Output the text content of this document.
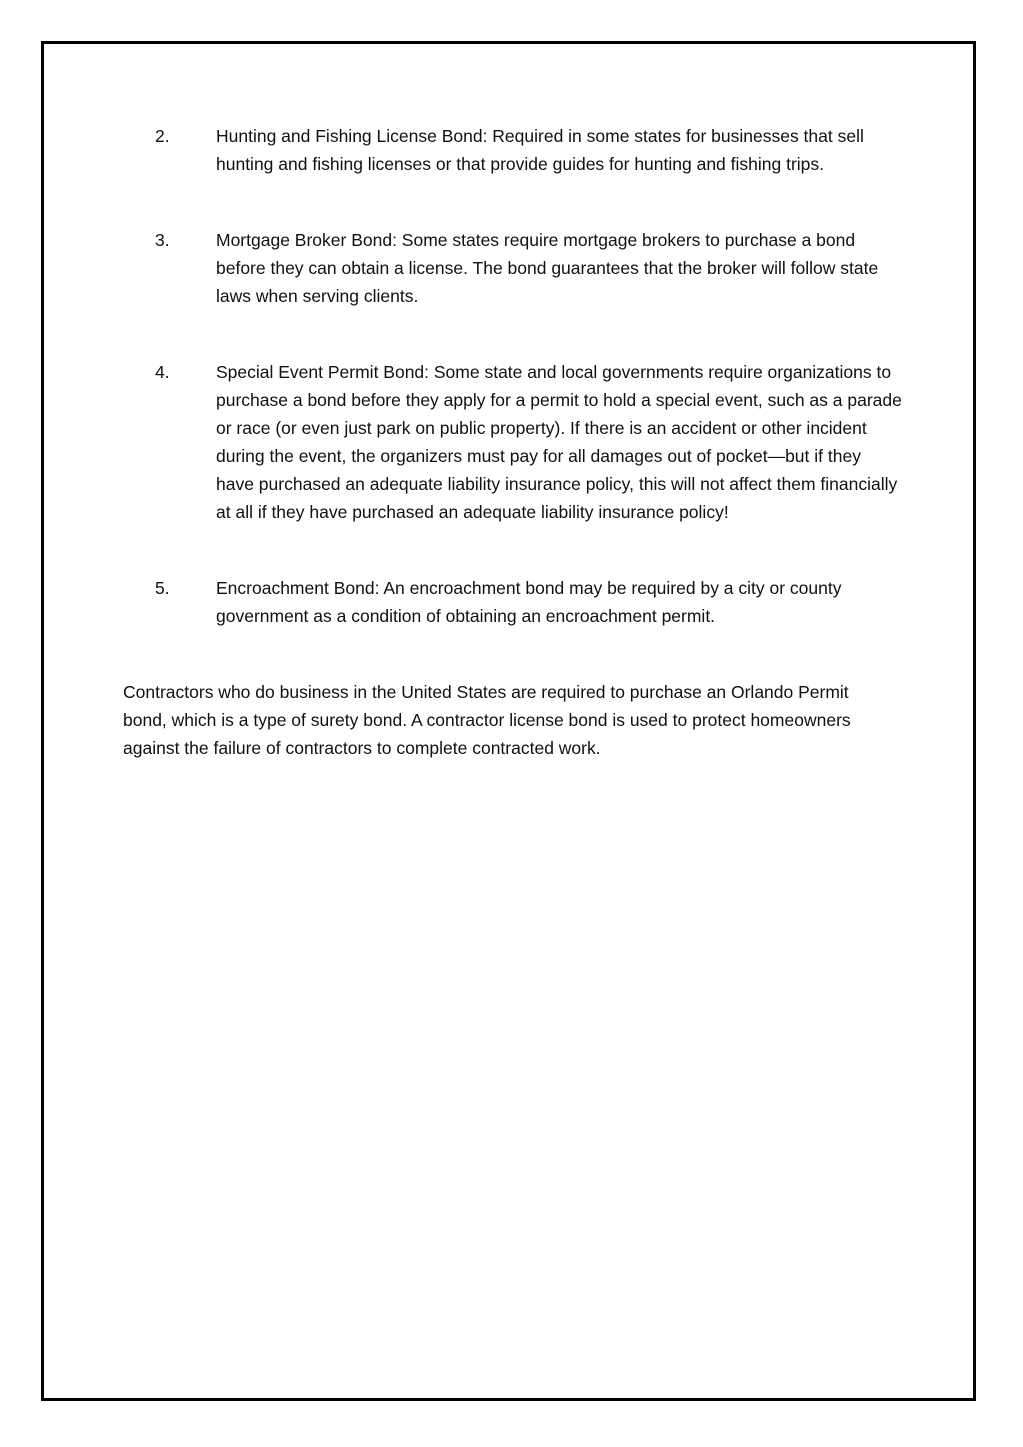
2.	Hunting and Fishing License Bond: Required in some states for businesses that sell hunting and fishing licenses or that provide guides for hunting and fishing trips.
3.	Mortgage Broker Bond: Some states require mortgage brokers to purchase a bond before they can obtain a license. The bond guarantees that the broker will follow state laws when serving clients.
4.	Special Event Permit Bond: Some state and local governments require organizations to purchase a bond before they apply for a permit to hold a special event, such as a parade or race (or even just park on public property). If there is an accident or other incident during the event, the organizers must pay for all damages out of pocket—but if they have purchased an adequate liability insurance policy, this will not affect them financially at all if they have purchased an adequate liability insurance policy!
5.	Encroachment Bond: An encroachment bond may be required by a city or county government as a condition of obtaining an encroachment permit.

Contractors who do business in the United States are required to purchase an Orlando Permit bond, which is a type of surety bond. A contractor license bond is used to protect homeowners against the failure of contractors to complete contracted work.
